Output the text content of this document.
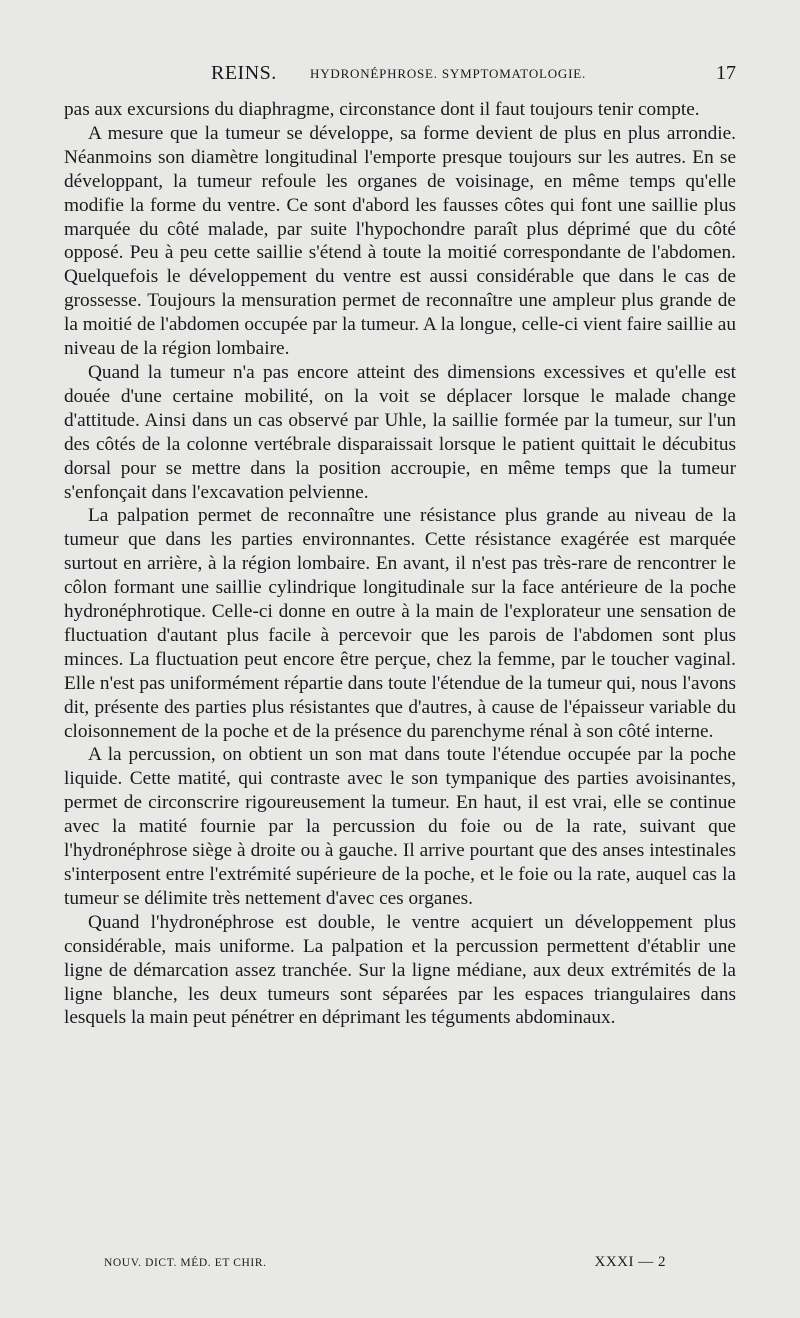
REINS.	HYDRONÉPHROSE. SYMPTOMATOLOGIE.	17

pas aux excursions du diaphragme, circonstance dont il faut toujours tenir compte.

A mesure que la tumeur se développe, sa forme devient de plus en plus arrondie. Néanmoins son diamètre longitudinal l'emporte presque toujours sur les autres. En se développant, la tumeur refoule les organes de voisinage, en même temps qu'elle modifie la forme du ventre. Ce sont d'abord les fausses côtes qui font une saillie plus marquée du côté malade, par suite l'hypochondre paraît plus déprimé que du côté opposé. Peu à peu cette saillie s'étend à toute la moitié correspondante de l'abdomen. Quelquefois le développement du ventre est aussi considérable que dans le cas de grossesse. Toujours la mensuration permet de reconnaître une ampleur plus grande de la moitié de l'abdomen occupée par la tumeur. A la longue, celle-ci vient faire saillie au niveau de la région lombaire.

Quand la tumeur n'a pas encore atteint des dimensions excessives et qu'elle est douée d'une certaine mobilité, on la voit se déplacer lorsque le malade change d'attitude. Ainsi dans un cas observé par Uhle, la saillie formée par la tumeur, sur l'un des côtés de la colonne vertébrale disparaissait lorsque le patient quittait le décubitus dorsal pour se mettre dans la position accroupie, en même temps que la tumeur s'enfonçait dans l'excavation pelvienne.

La palpation permet de reconnaître une résistance plus grande au niveau de la tumeur que dans les parties environnantes. Cette résistance exagérée est marquée surtout en arrière, à la région lombaire. En avant, il n'est pas très-rare de rencontrer le côlon formant une saillie cylindrique longitudinale sur la face antérieure de la poche hydronéphrotique. Celle-ci donne en outre à la main de l'explorateur une sensation de fluctuation d'autant plus facile à percevoir que les parois de l'abdomen sont plus minces. La fluctuation peut encore être perçue, chez la femme, par le toucher vaginal. Elle n'est pas uniformément répartie dans toute l'étendue de la tumeur qui, nous l'avons dit, présente des parties plus résistantes que d'autres, à cause de l'épaisseur variable du cloisonnement de la poche et de la présence du parenchyme rénal à son côté interne.

A la percussion, on obtient un son mat dans toute l'étendue occupée par la poche liquide. Cette matité, qui contraste avec le son tympanique des parties avoisinantes, permet de circonscrire rigoureusement la tumeur. En haut, il est vrai, elle se continue avec la matité fournie par la percussion du foie ou de la rate, suivant que l'hydronéphrose siège à droite ou à gauche. Il arrive pourtant que des anses intestinales s'interposent entre l'extrémité supérieure de la poche, et le foie ou la rate, auquel cas la tumeur se délimite très nettement d'avec ces organes.

Quand l'hydronéphrose est double, le ventre acquiert un développement plus considérable, mais uniforme. La palpation et la percussion permettent d'établir une ligne de démarcation assez tranchée. Sur la ligne médiane, aux deux extrémités de la ligne blanche, les deux tumeurs sont séparées par les espaces triangulaires dans lesquels la main peut pénétrer en déprimant les téguments abdominaux.

NOUV. DICT. MÉD. ET CHIR.	XXXI — 2
